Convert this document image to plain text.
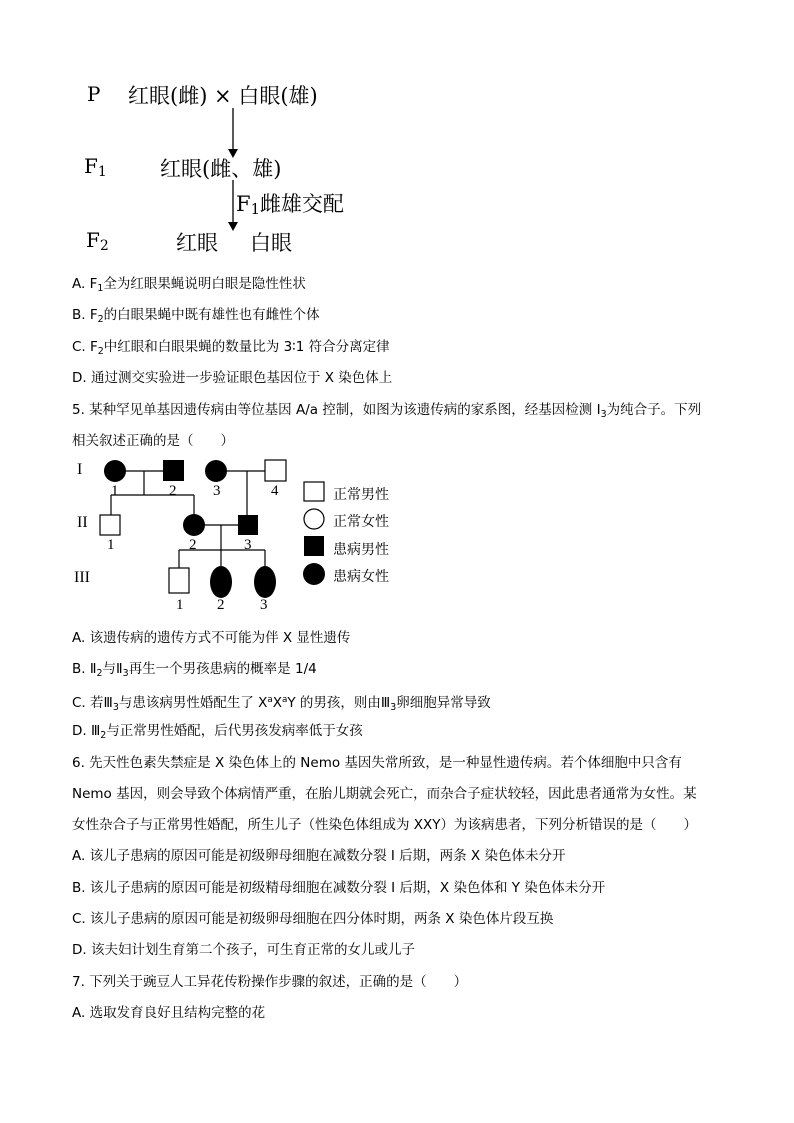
P 红眼(雌) × 白眼(雄)
$F_1$	红眼(雌、雄)
$F_1$雌雄交配
$F_2$	红眼 白眼
A. $F_1$全为红眼果蝇说明白眼是隐性性状
B. $F_2$的白眼果蝇中既有雄性也有雌性个体
C. $F_2$中红眼和白眼果蝇的数量比为 3∶1 符合分离定律
D. 通过测交实验进一步验证眼色基因位于 X 染色体上
5. 某种罕见单基因遗传病由等位基因 A/a 控制，如图为该遗传病的家系图，经基因检测 $I_3$为纯合子。下列
相关叙述正确的是（　　）
I
II
III
1	2 3	4
1	2	3
1 2 3
正常男性
正常女性
患病男性
患病女性
A. 该遗传病的遗传方式不可能为伴 X 显性遗传
B. $Ⅱ_2$与$Ⅱ_3$再生一个男孩患病的概率是 1/4
C. 若$Ⅲ_3$与患该病男性婚配生了 $X^aX^aY$ 的男孩，则由$Ⅲ_3$卵细胞异常导致
D. $Ⅲ_2$与正常男性婚配，后代男孩发病率低于女孩
6. 先天性色素失禁症是 X 染色体上的 Nemo 基因失常所致，是一种显性遗传病。若个体细胞中只含有
Nemo 基因，则会导致个体病情严重，在胎儿期就会死亡，而杂合子症状较轻，因此患者通常为女性。某
女性杂合子与正常男性婚配，所生儿子（性染色体组成为 XXY）为该病患者，下列分析错误的是（　　）
A. 该儿子患病的原因可能是初级卵母细胞在减数分裂 I 后期，两条 X 染色体未分开
B. 该儿子患病的原因可能是初级精母细胞在减数分裂 I 后期，X 染色体和 Y 染色体未分开
C. 该儿子患病的原因可能是初级卵母细胞在四分体时期，两条 X 染色体片段互换
D. 该夫妇计划生育第二个孩子，可生育正常的女儿或儿子
7. 下列关于豌豆人工异花传粉操作步骤的叙述，正确的是（　　）
A. 选取发育良好且结构完整的花
